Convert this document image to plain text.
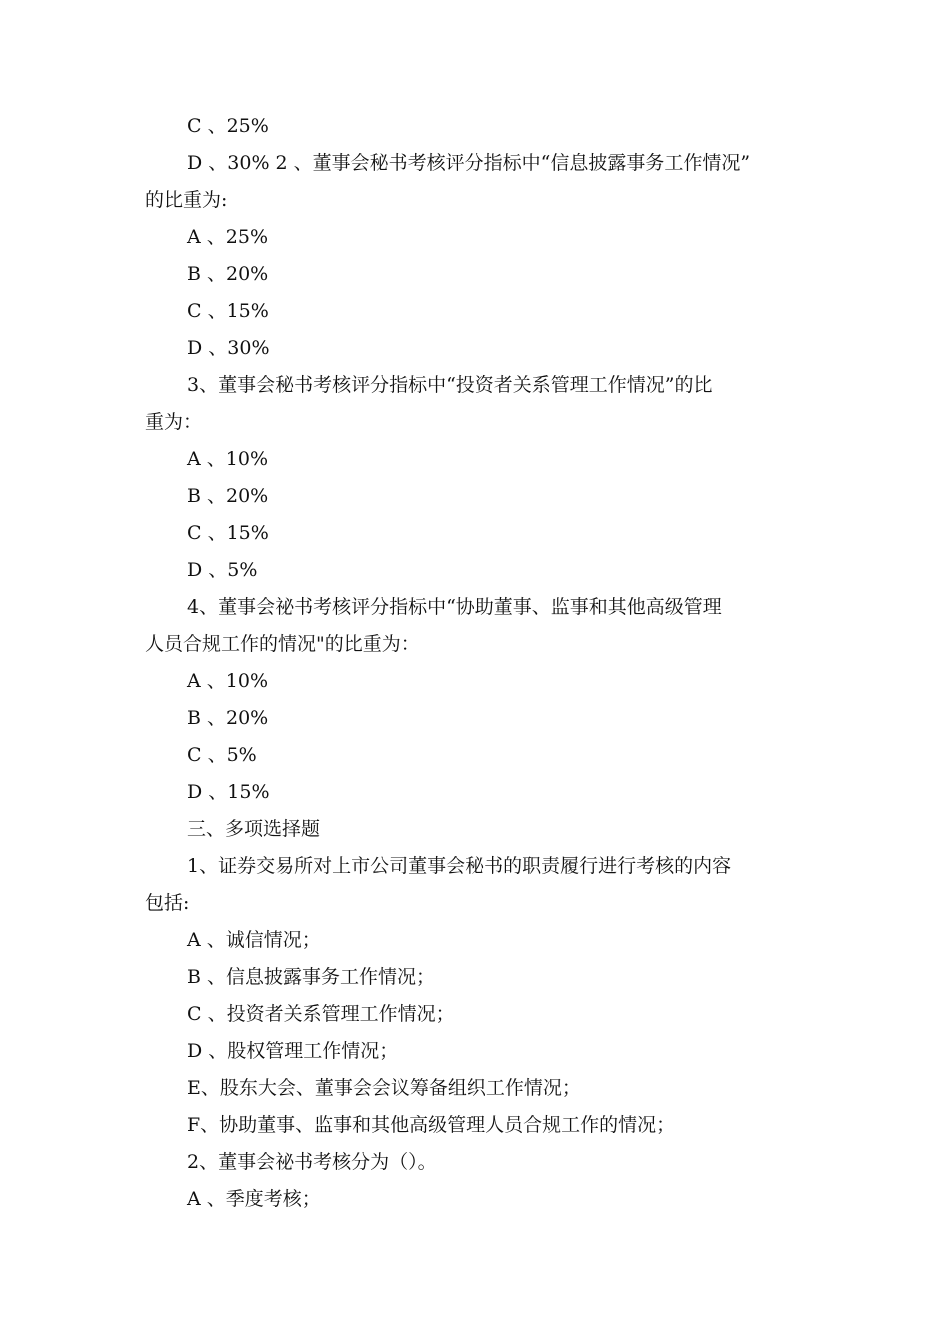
C 、25%
D 、30% 2 、董事会秘书考核评分指标中“信息披露事务工作情况”
的比重为:
A 、25%
B 、20%
C 、15%
D 、30%
3、董事会秘书考核评分指标中“投资者关系管理工作情况”的比
重为：
A 、10%
B 、20%
C 、15%
D 、5%
4、董事会祕书考核评分指标中“协助董事、监事和其他高级管理
人员合规工作的情况"的比重为：
A 、10%
B 、20%
C 、5%
D 、15%
三、多项选择题
1、证券交易所对上市公司董事会秘书的职责履行进行考核的内容
包括:
A 、诚信情况；
B 、信息披露事务工作情况；
C 、投资者关系管理工作情况；
D 、股权管理工作情况；
E、股东大会、董事会会议筹备组织工作情况；
F、协助董事、监事和其他高级管理人员合规工作的情况；
2、董事会祕书考核分为（）。
A 、季度考核；
